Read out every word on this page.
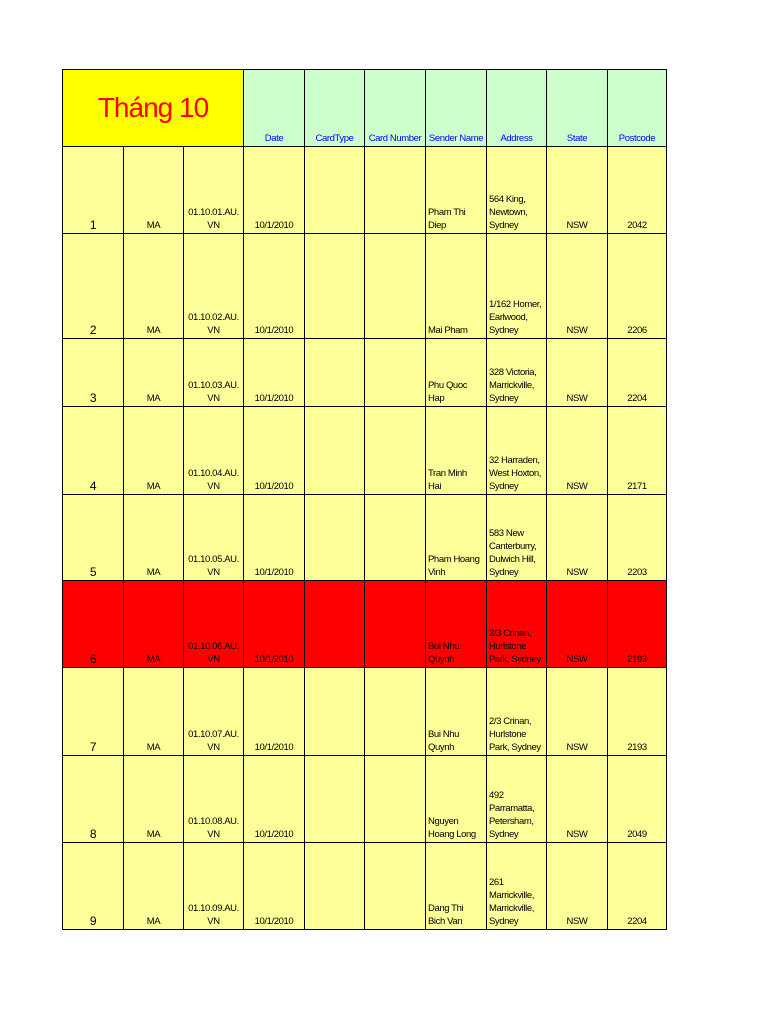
Tháng 10			Date	CardType	Card Number	Sender Name	Address	State	Postcode
1	MA	01.10.01.AU.
VN	10/1/2010			Pham Thi
Diep	564 King,
Newtown,
Sydney	NSW	2042
2	MA	01.10.02.AU.
VN	10/1/2010			Mai Pham	1/162 Homer,
Earlwood,
Sydney	NSW	2206
3	MA	01.10.03.AU.
VN	10/1/2010			Phu Quoc
Hap	328 Victoria,
Marrickville,
Sydney	NSW	2204
4	MA	01.10.04.AU.
VN	10/1/2010			Tran Minh
Hai	32 Harraden,
West Hoxton,
Sydney	NSW	2171
5	MA	01.10.05.AU.
VN	10/1/2010			Pham Hoang
Vinh	583 New
Canterburry,
Dulwich Hill,
Sydney	NSW	2203
6	MA	01.10.06.AU.
VN	10/1/2010			Bui Nhu
Quynh	2/3 Crinan,
Hurlstone
Park, Sydney	NSW	2193
7	MA	01.10.07.AU.
VN	10/1/2010			Bui Nhu
Quynh	2/3 Crinan,
Hurlstone
Park, Sydney	NSW	2193
8	MA	01.10.08.AU.
VN	10/1/2010			Nguyen
Hoang Long	492
Parramatta,
Petersham,
Sydney	NSW	2049
9	MA	01.10.09.AU.
VN	10/1/2010			Dang Thi
Bich Van	261
Marrickville,
Marrickville,
Sydney	NSW	2204
